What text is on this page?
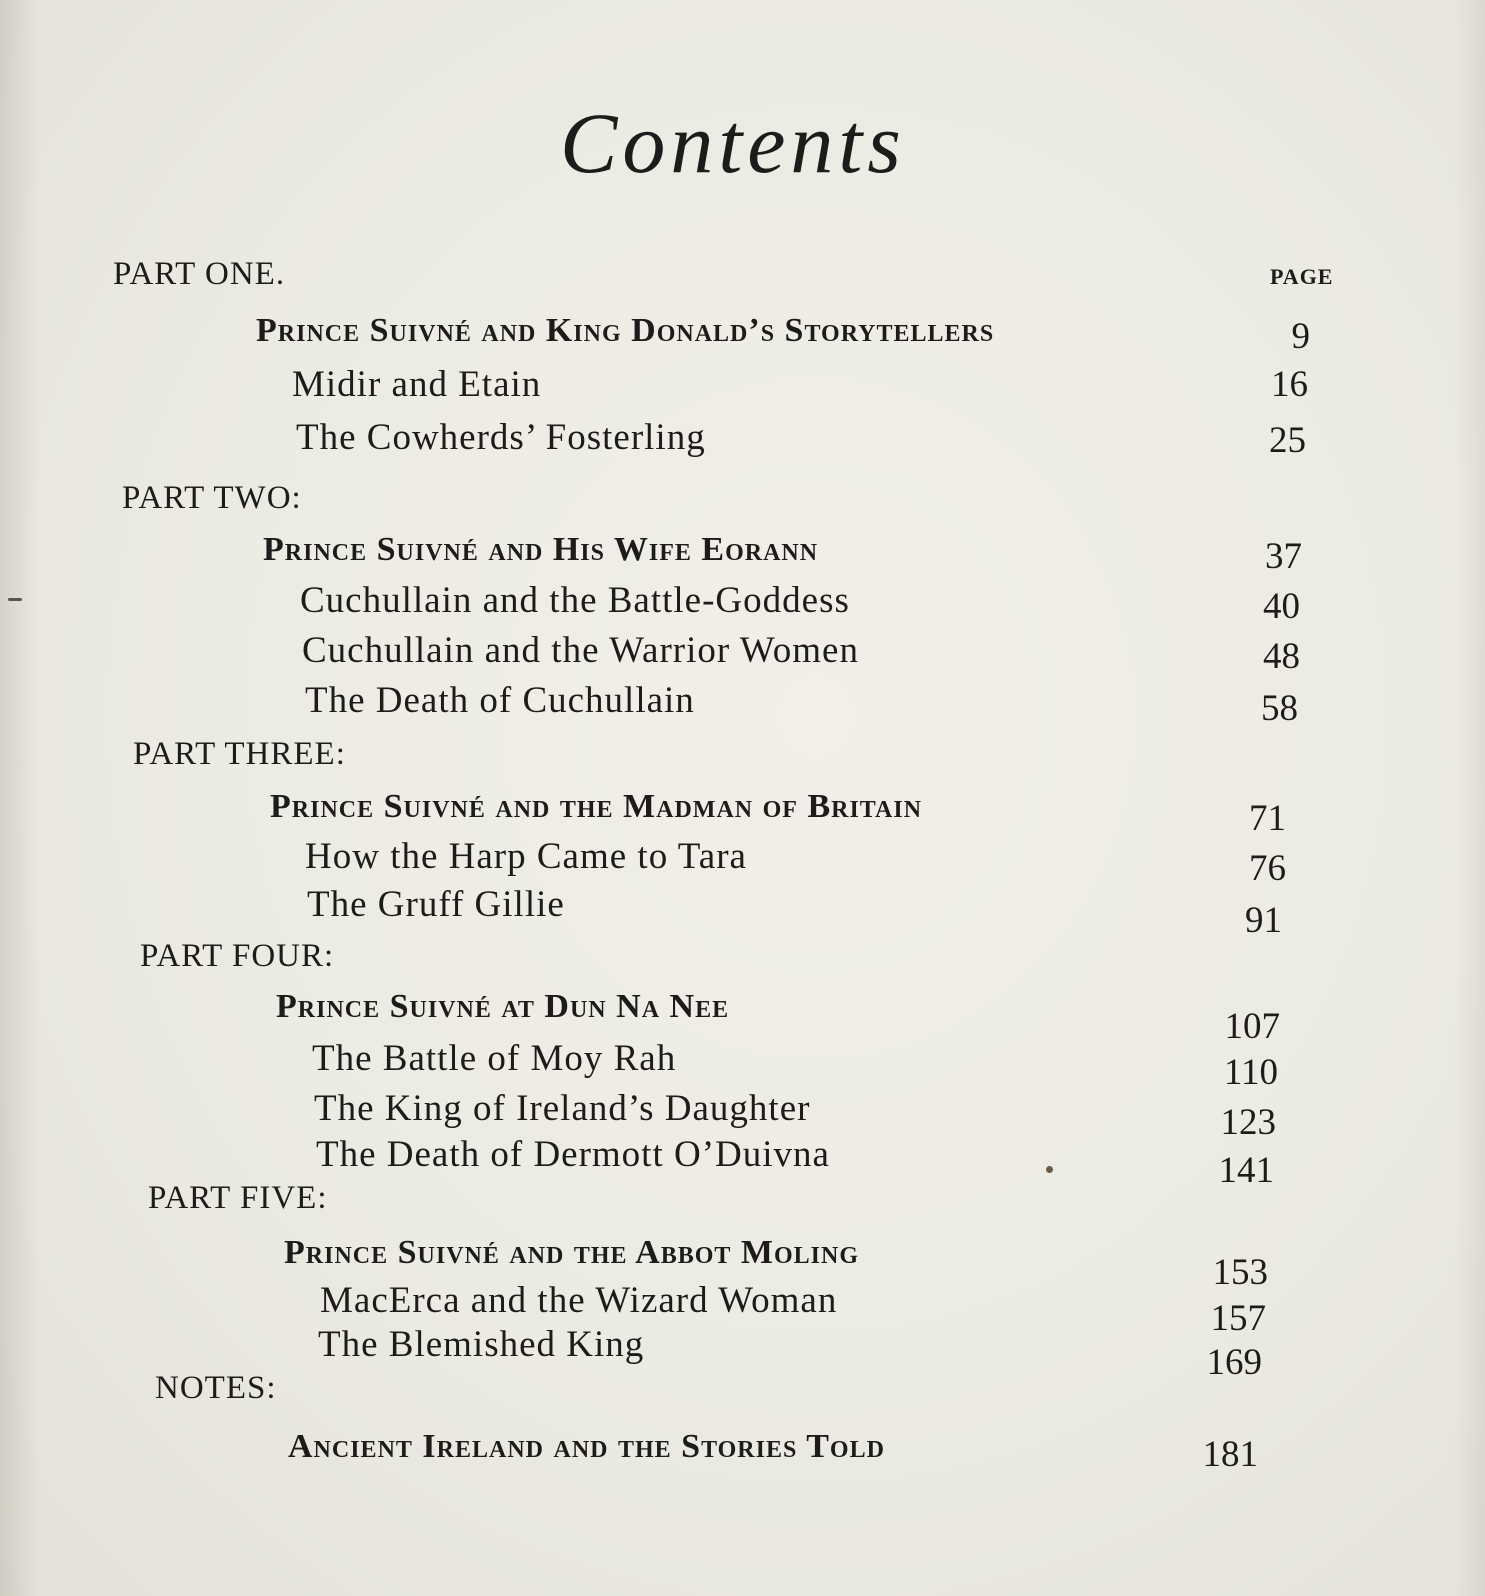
Contents
PAGE
PART ONE.
Prince Suivné and King Donald’s Storytellers	9
Midir and Etain	16
The Cowherds’ Fosterling	25
PART TWO:
Prince Suivné and His Wife Eorann	37
Cuchullain and the Battle-Goddess	40
Cuchullain and the Warrior Women	48
The Death of Cuchullain	58
PART THREE:
Prince Suivné and the Madman of Britain	71
How the Harp Came to Tara	76
The Gruff Gillie	91
PART FOUR:
Prince Suivné at Dun Na Nee	107
The Battle of Moy Rah	110
The King of Ireland’s Daughter	123
The Death of Dermott O’Duivna	141
PART FIVE:
Prince Suivné and the Abbot Moling	153
MacErca and the Wizard Woman	157
The Blemished King	169
NOTES:
Ancient Ireland and the Stories Told	181
